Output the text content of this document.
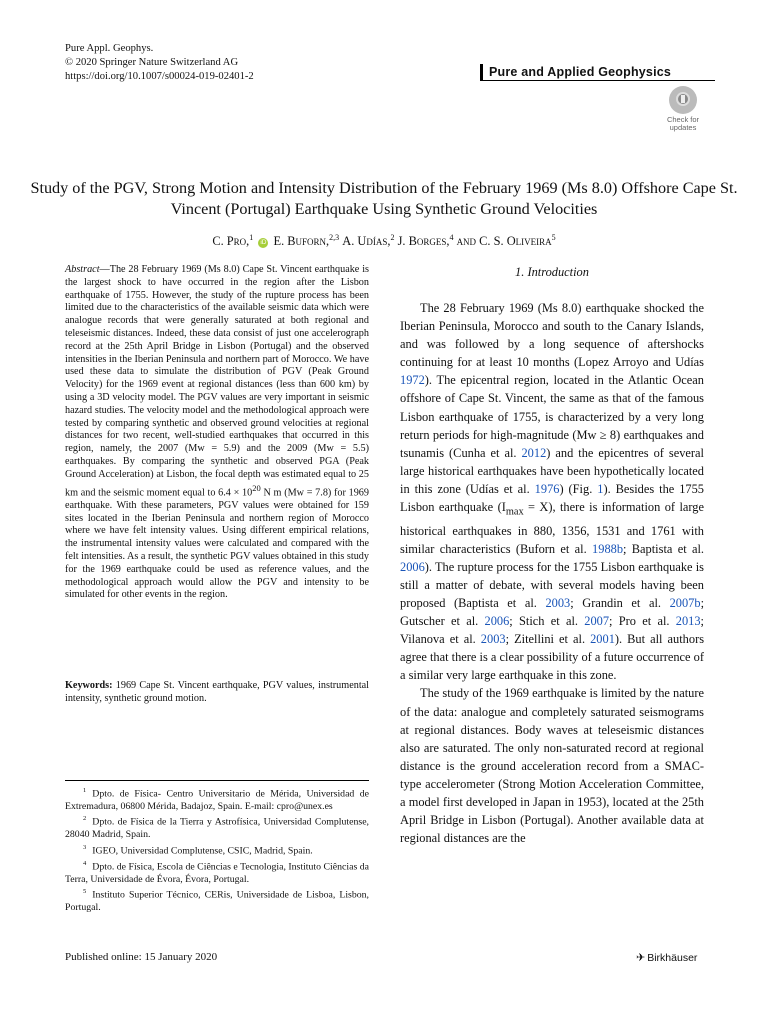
Pure Appl. Geophys.
© 2020 Springer Nature Switzerland AG
https://doi.org/10.1007/s00024-019-02401-2	Pure and Applied Geophysics
Check for
updates
Study of the PGV, Strong Motion and Intensity Distribution of the February 1969 (Ms 8.0) Offshore Cape St. Vincent (Portugal) Earthquake Using Synthetic Ground Velocities
C. Pro,$^1$ iD E. Buforn,$^{2,3}$ A. Udías,$^2$ J. Borges,$^4$ and C. S. Oliveira$^5$

Abstract—The 28 February 1969 (Ms 8.0) Cape St. Vincent earthquake is the largest shock to have occurred in the region after the Lisbon earthquake of 1755. However, the study of the rupture process has been limited due to the characteristics of the available seismic data which were analogue records that were generally saturated at both regional and teleseismic distances. Indeed, these data consist of just one accelerograph record at the 25th April Bridge in Lisbon (Portugal) and the observed intensities in the Iberian Peninsula and northern part of Morocco. We have used these data to simulate the distribution of PGV (Peak Ground Velocity) for the 1969 event at regional distances (less than 600 km) by using a 3D velocity model. The PGV values are very important in seismic hazard studies. The velocity model and the methodological approach were tested by comparing synthetic and observed ground velocities at regional distances for two recent, well-studied earthquakes that occurred in this region, namely, the 2007 (Mw = 5.9) and the 2009 (Mw = 5.5) earthquakes. By comparing the synthetic and observed PGA (Peak Ground Acceleration) at Lisbon, the focal depth was estimated equal to 25 km and the seismic moment equal to $6.4 \times 10^{20}$ N m (Mw = 7.8) for 1969 earthquake. With these parameters, PGV values were obtained for 159 sites located in the Iberian Peninsula and northern region of Morocco where we have felt intensity values. Using different empirical relations, the instrumental intensity values were calculated and compared with the felt intensities. As a result, the synthetic PGV values obtained in this study for the 1969 earthquake could be used as reference values, and the methodological approach would allow the PGV and intensity to be simulated for other events in the region.

Keywords: 1969 Cape St. Vincent earthquake, PGV values, instrumental intensity, synthetic ground motion.

$^1$ Dpto. de Física- Centro Universitario de Mérida, Universidad de Extremadura, 06800 Mérida, Badajoz, Spain. E-mail: cpro@unex.es

$^2$ Dpto. de Física de la Tierra y Astrofísica, Universidad Complutense, 28040 Madrid, Spain.

$^3$ IGEO, Universidad Complutense, CSIC, Madrid, Spain.

$^4$ Dpto. de Física, Escola de Ciências e Tecnologia, Instituto Ciências da Terra, Universidade de Évora, Évora, Portugal.

$^5$ Instituto Superior Técnico, CERis, Universidade de Lisboa, Lisbon, Portugal.

1. Introduction

The 28 February 1969 (Ms 8.0) earthquake shocked the Iberian Peninsula, Morocco and south to the Canary Islands, and was followed by a long sequence of aftershocks continuing for at least 10 months (Lopez Arroyo and Udías 1972). The epicentral region, located in the Atlantic Ocean offshore of Cape St. Vincent, the same as that of the famous Lisbon earthquake of 1755, is characterized by a very long return periods for high-magnitude (Mw ≥ 8) earthquakes and tsunamis (Cunha et al. 2012) and the epicentres of several large historical earthquakes have been hypothetically located in this zone (Udías et al. 1976) (Fig. 1). Besides the 1755 Lisbon earthquake $(I_{max} = X)$, there is information of large historical earthquakes in 880, 1356, 1531 and 1761 with similar characteristics (Buforn et al. 1988b; Baptista et al. 2006). The rupture process for the 1755 Lisbon earthquake is still a matter of debate, with several models having been proposed (Baptista et al. 2003; Grandin et al. 2007b; Gutscher et al. 2006; Stich et al. 2007; Pro et al. 2013; Vilanova et al. 2003; Zitellini et al. 2001). But all authors agree that there is a clear possibility of a future occurrence of a similar very large earthquake in this zone.

The study of the 1969 earthquake is limited by the nature of the data: analogue and completely saturated seismograms at regional distances. Body waves at teleseismic distances also are saturated. The only non-saturated record at regional distance is the ground acceleration record from a SMAC-type accelerometer (Strong Motion Acceleration Committee, a model first developed in Japan in 1953), located at the 25th April Bridge in Lisbon (Portugal). Another available data at regional distances are the

Published online: 15 January 2020	✈ Birkhäuser
